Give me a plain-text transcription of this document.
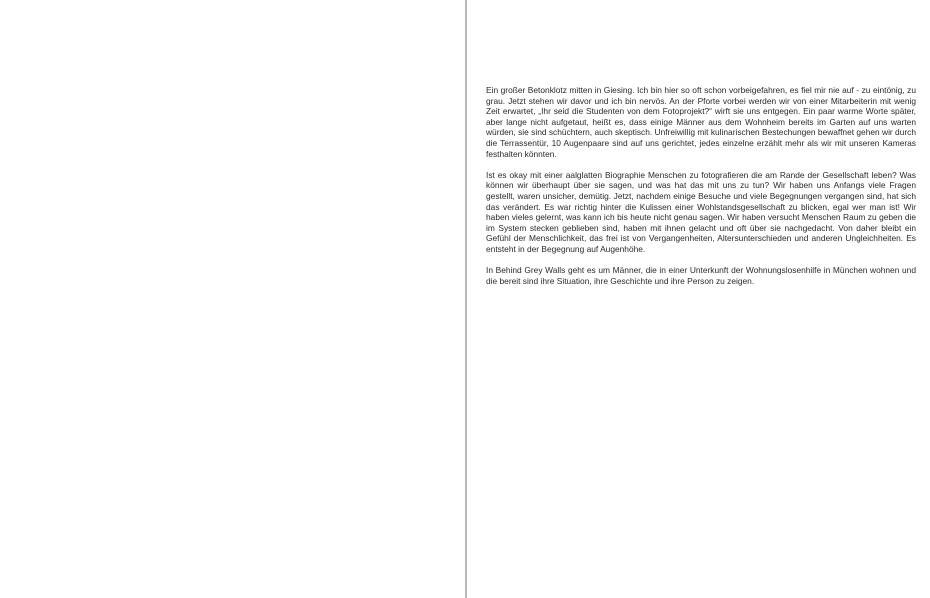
Ein großer Betonklotz mitten in Giesing. Ich bin hier so oft schon vorbeigefahren, es fiel mir nie auf - zu eintönig, zu grau. Jetzt stehen wir davor und ich bin nervös. An der Pforte vorbei werden wir von einer Mitarbeiterin mit wenig Zeit erwartet, „Ihr seid die Studenten von dem Fotoprojekt?“ wirft sie uns entgegen. Ein paar warme Worte später, aber lange nicht aufgetaut, heißt es, dass einige Männer aus dem Wohnheim bereits im Garten auf uns warten würden, sie sind schüchtern, auch skeptisch. Unfreiwillig mit kulinarischen Bestechungen bewaffnet gehen wir durch die Terrassentür, 10 Augenpaare sind auf uns gerichtet, jedes einzelne erzählt mehr als wir mit unseren Kameras festhalten könnten.

Ist es okay mit einer aalglatten Biographie Menschen zu fotografieren die am Rande der Gesellschaft leben? Was können wir überhaupt über sie sagen, und was hat das mit uns zu tun? Wir haben uns Anfangs viele Fragen gestellt, waren unsicher, demütig. Jetzt, nachdem einige Besuche und viele Begegnungen vergangen sind, hat sich das verändert. Es war richtig hinter die Kulissen einer Wohlstandsgesellschaft zu blicken, egal wer man ist! Wir haben vieles gelernt, was kann ich bis heute nicht genau sagen. Wir haben versucht Menschen Raum zu geben die im System stecken geblieben sind, haben mit ihnen gelacht und oft über sie nachgedacht. Von daher bleibt ein Gefühl der Menschlichkeit, das frei ist von Vergangenheiten, Altersunterschieden und anderen Ungleichheiten. Es entsteht in der Begegnung auf Augenhöhe.

In Behind Grey Walls geht es um Männer, die in einer Unterkunft der Wohnungslosenhilfe in München wohnen und die bereit sind ihre Situation, ihre Geschichte und ihre Person zu zeigen.
